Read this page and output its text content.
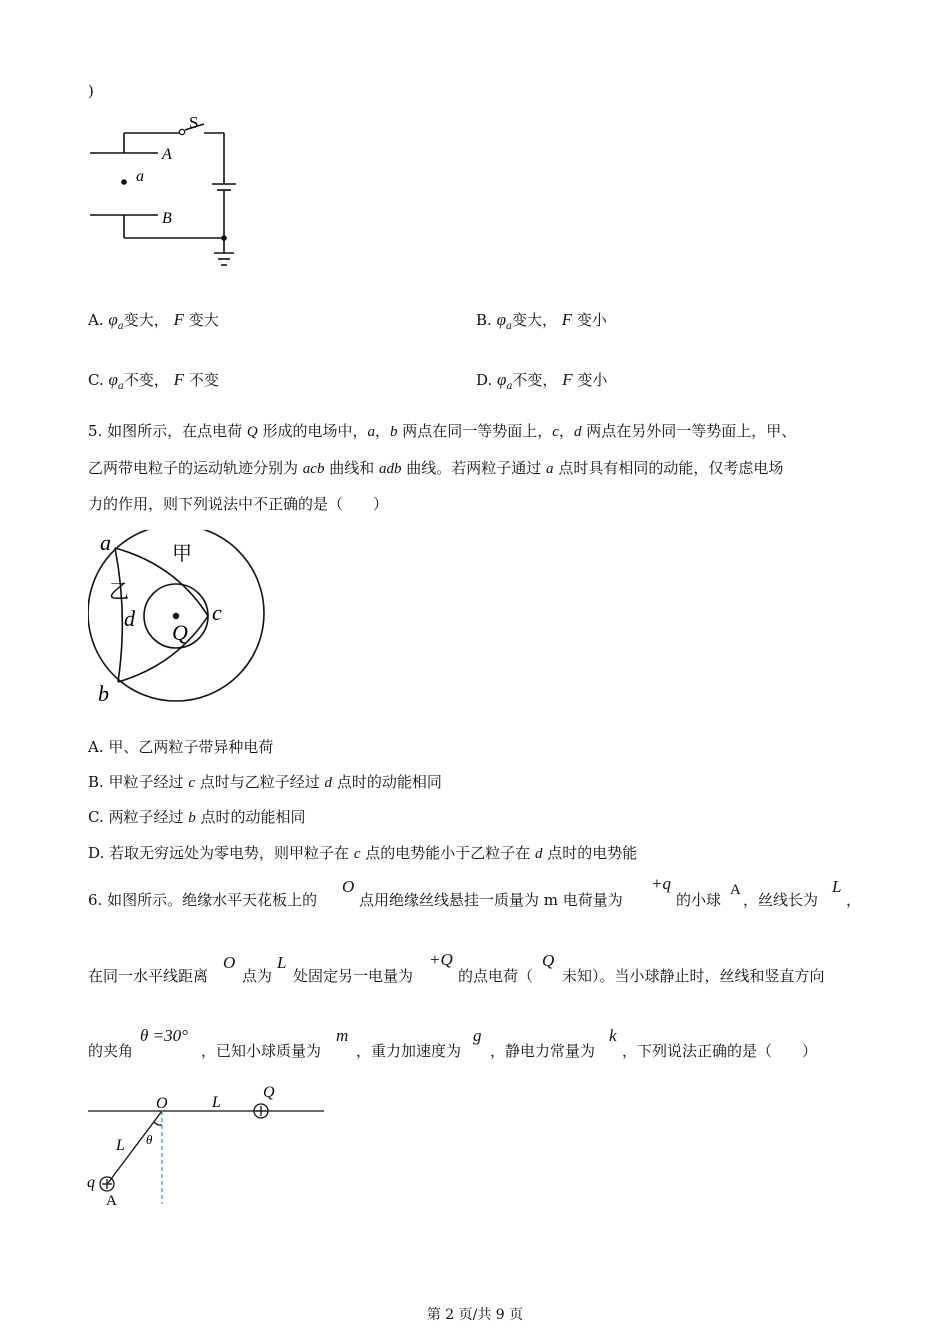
)
S
A
a
B
A. $\varphi_a$变大， F 变大	B. $\varphi_a$变大， F 变小
C. $\varphi_a$不变， F 不变	D. $\varphi_a$不变， F 变小
5. 如图所示，在点电荷 Q 形成的电场中，a，b 两点在同一等势面上，c，d 两点在另外同一等势面上，甲、
乙两带电粒子的运动轨迹分别为 acb 曲线和 adb 曲线。若两粒子通过 a 点时具有相同的动能，仅考虑电场
力的作用，则下列说法中不正确的是（　　）
a	甲
乙
d
Q
c
b
A. 甲、乙两粒子带异种电荷
B. 甲粒子经过 c 点时与乙粒子经过 d 点时的动能相同
C. 两粒子经过 b 点时的动能相同
D. 若取无穷远处为零电势，则甲粒子在 c 点的电势能小于乙粒子在 d 点时的电势能
6. 如图所示。绝缘水平天花板上的
O
点用绝缘丝线悬挂一质量为 m 电荷量为
+q
的小球
A
，丝线长为
L
，
在同一水平线距离
O
点为
L
处固定另一电量为
+Q
的点电荷（
Q
未知）。当小球静止时，丝线和竖直方向
的夹角
θ =30°
，已知小球质量为
m
，重力加速度为
g
，静电力常量为
k
，下列说法正确的是（　　）
O	L
Q
L θ
q
A
第 2 页/共 9 页
